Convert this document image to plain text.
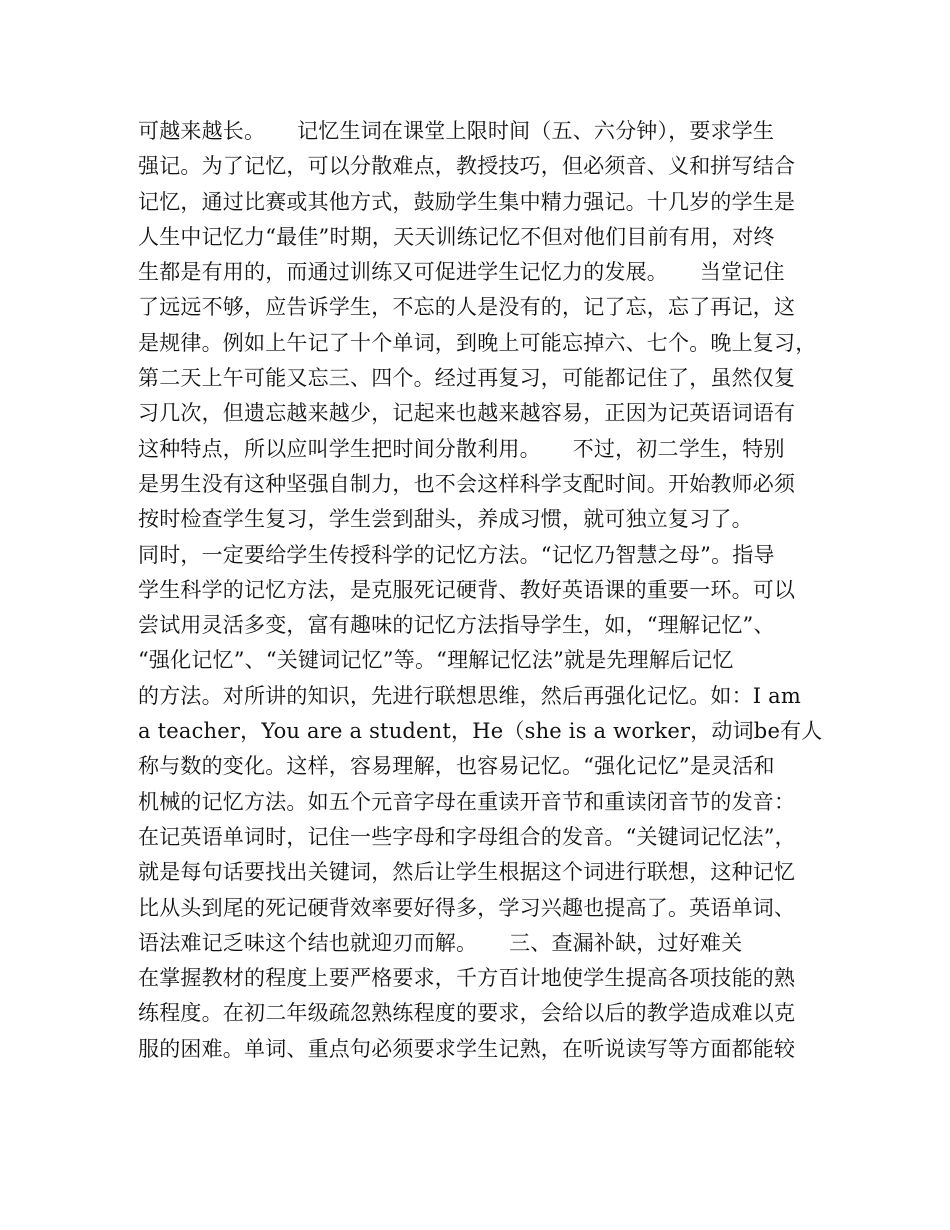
可越来越长。　　记忆生词在课堂上限时间（五、六分钟），要求学生
强记。为了记忆，可以分散难点，教授技巧，但必须音、义和拼写结合
记忆，通过比赛或其他方式，鼓励学生集中精力强记。十几岁的学生是
人生中记忆力“最佳”时期，天天训练记忆不但对他们目前有用，对终
生都是有用的，而通过训练又可促进学生记忆力的发展。　　当堂记住
了远远不够，应告诉学生，不忘的人是没有的，记了忘，忘了再记，这
是规律。例如上午记了十个单词，到晚上可能忘掉六、七个。晚上复习，
第二天上午可能又忘三、四个。经过再复习，可能都记住了，虽然仅复
习几次，但遗忘越来越少，记起来也越来越容易，正因为记英语词语有
这种特点，所以应叫学生把时间分散利用。　　不过，初二学生，特别
是男生没有这种坚强自制力，也不会这样科学支配时间。开始教师必须
按时检查学生复习，学生尝到甜头，养成习惯，就可独立复习了。
同时，一定要给学生传授科学的记忆方法。“记忆乃智慧之母”。指导
学生科学的记忆方法，是克服死记硬背、教好英语课的重要一环。可以
尝试用灵活多变，富有趣味的记忆方法指导学生，如，“理解记忆”、
“强化记忆”、“关键词记忆”等。“理解记忆法”就是先理解后记忆
的方法。对所讲的知识，先进行联想思维，然后再强化记忆。如：I am
a teacher，You are a student，He（she is a worker，动词be有人
称与数的变化。这样，容易理解，也容易记忆。“强化记忆”是灵活和
机械的记忆方法。如五个元音字母在重读开音节和重读闭音节的发音：
在记英语单词时，记住一些字母和字母组合的发音。“关键词记忆法”，
就是每句话要找出关键词，然后让学生根据这个词进行联想，这种记忆
比从头到尾的死记硬背效率要好得多，学习兴趣也提高了。英语单词、
语法难记乏味这个结也就迎刃而解。　　三、查漏补缺，过好难关
在掌握教材的程度上要严格要求，千方百计地使学生提高各项技能的熟
练程度。在初二年级疏忽熟练程度的要求，会给以后的教学造成难以克
服的困难。单词、重点句必须要求学生记熟，在听说读写等方面都能较
